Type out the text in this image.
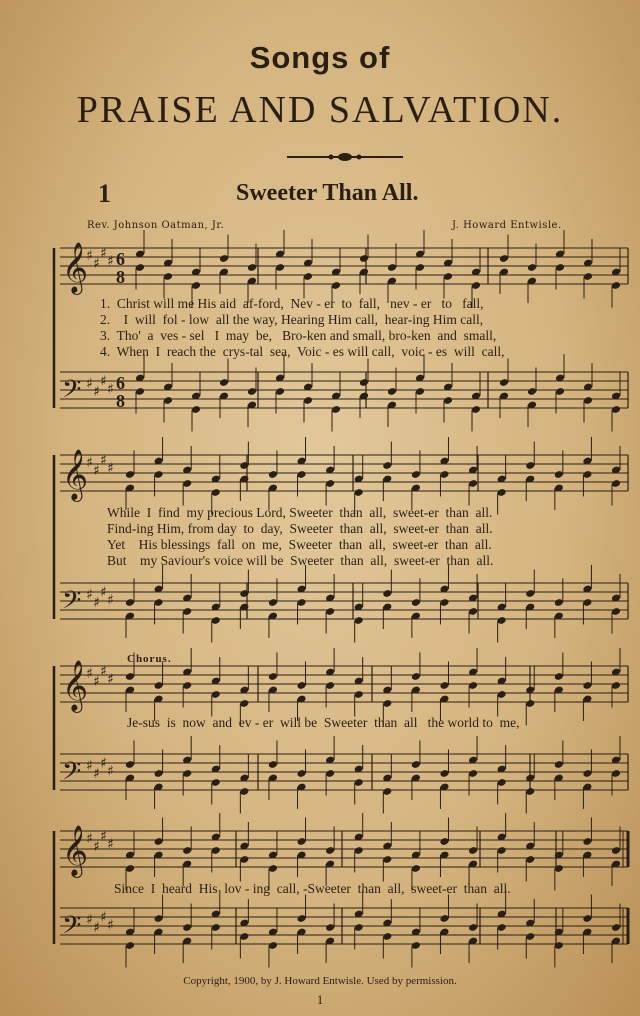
Songs of
PRAISE AND SALVATION.
1	Sweeter Than All.
Rev. Johnson Oatman, Jr.	J. Howard Entwisle.
𝄞
♯ ♯
♯ ♯ 6
8
𝄢 ♯ ♯
♯ ♯ 6
8
𝄞
♯ ♯
♯ ♯
𝄢 ♯ ♯
♯ ♯
𝄞
♯ ♯
♯ ♯
𝄢 ♯ ♯
♯ ♯
𝄞
♯ ♯
♯ ♯
𝄢 ♯ ♯
♯ ♯
1.  Christ will me His aid  af-ford,  Nev - er  to  fall,   nev - er   to   fall,
2.    I  will  fol - low  all the way, Hearing Him call,  hear-ing Him call,
3.  Tho'  a  ves - sel   I  may  be,   Bro-ken and small, bro-ken  and  small,
4.  When  I  reach the  crys-tal  sea,  Voic - es will call,  voic - es  will  call,
While  I  find  my precious Lord, Sweeter  than  all,  sweet-er  than  all.
Find-ing Him, from day  to  day,  Sweeter  than  all,  sweet-er  than  all.
Yet    His blessings  fall  on  me,  Sweeter  than  all,  sweet-er  than  all.
But    my Saviour's voice will be  Sweeter  than  all,  sweet-er  than  all.
Chorus.
Je-sus  is  now  and  ev - er  will be  Sweeter  than  all   the world to  me,
Since  I  heard  His  lov - ing  call, -Sweeter  than  all,  sweet-er  than  all.
Copyright, 1900, by J. Howard Entwisle. Used by permission.
1
